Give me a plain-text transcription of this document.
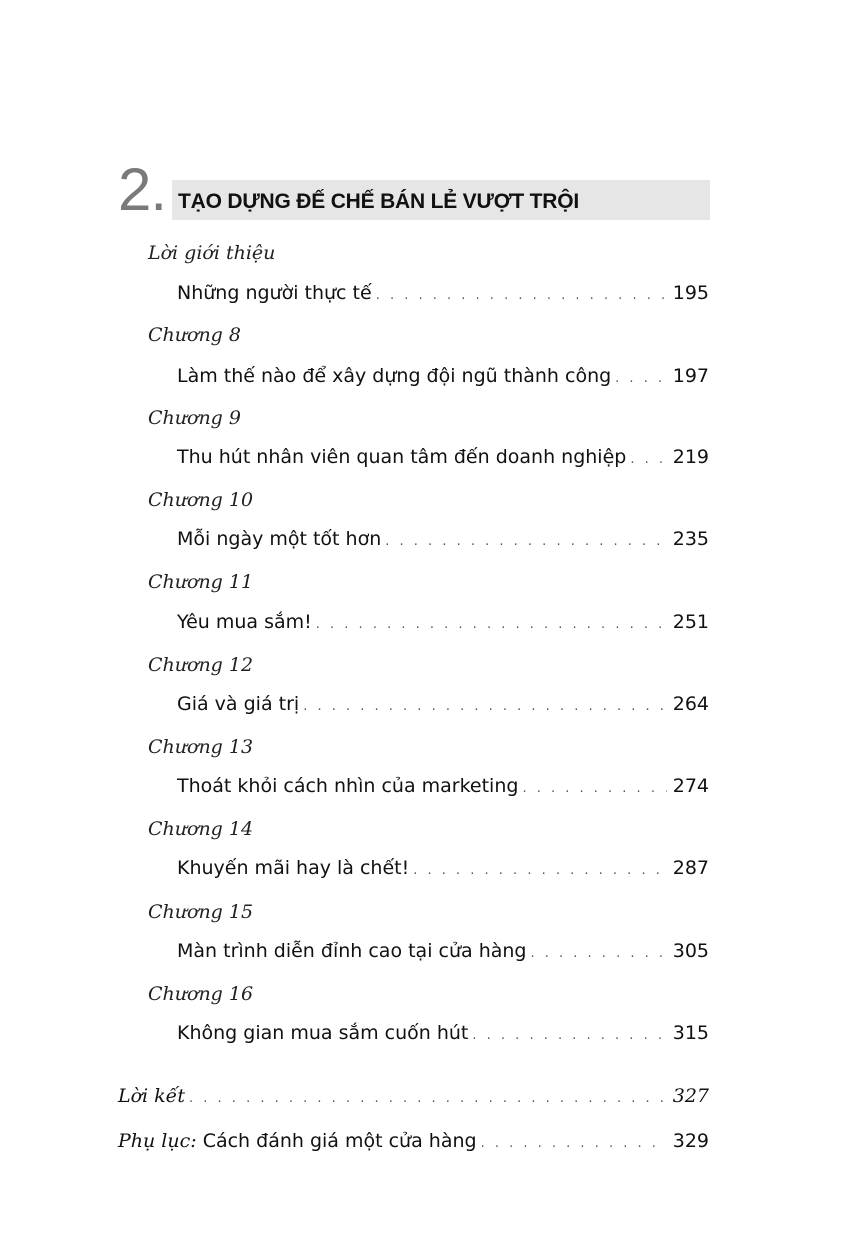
2. TẠO DỰNG ĐẾ CHẾ BÁN LẺ VƯỢT TRỘI
Lời giới thiệu
Những người thực tế . . .	195
Chương 8
Làm thế nào để xây dựng đội ngũ thành công . . .	197
Chương 9
Thu hút nhân viên quan tâm đến doanh nghiệp . . . 219
Chương 10
Mỗi ngày một tốt hơn . . .	235
Chương 11
Yêu mua sắm! . . .	251
Chương 12
Giá và giá trị . . .	264
Chương 13
Thoát khỏi cách nhìn của marketing . . .	274
Chương 14
Khuyến mãi hay là chết! . . .	287
Chương 15
Màn trình diễn đỉnh cao tại cửa hàng . . .	305
Chương 16
Không gian mua sắm cuốn hút . . .	315
Lời kết . . .	327
Phụ lục: Cách đánh giá một cửa hàng . . .	329
